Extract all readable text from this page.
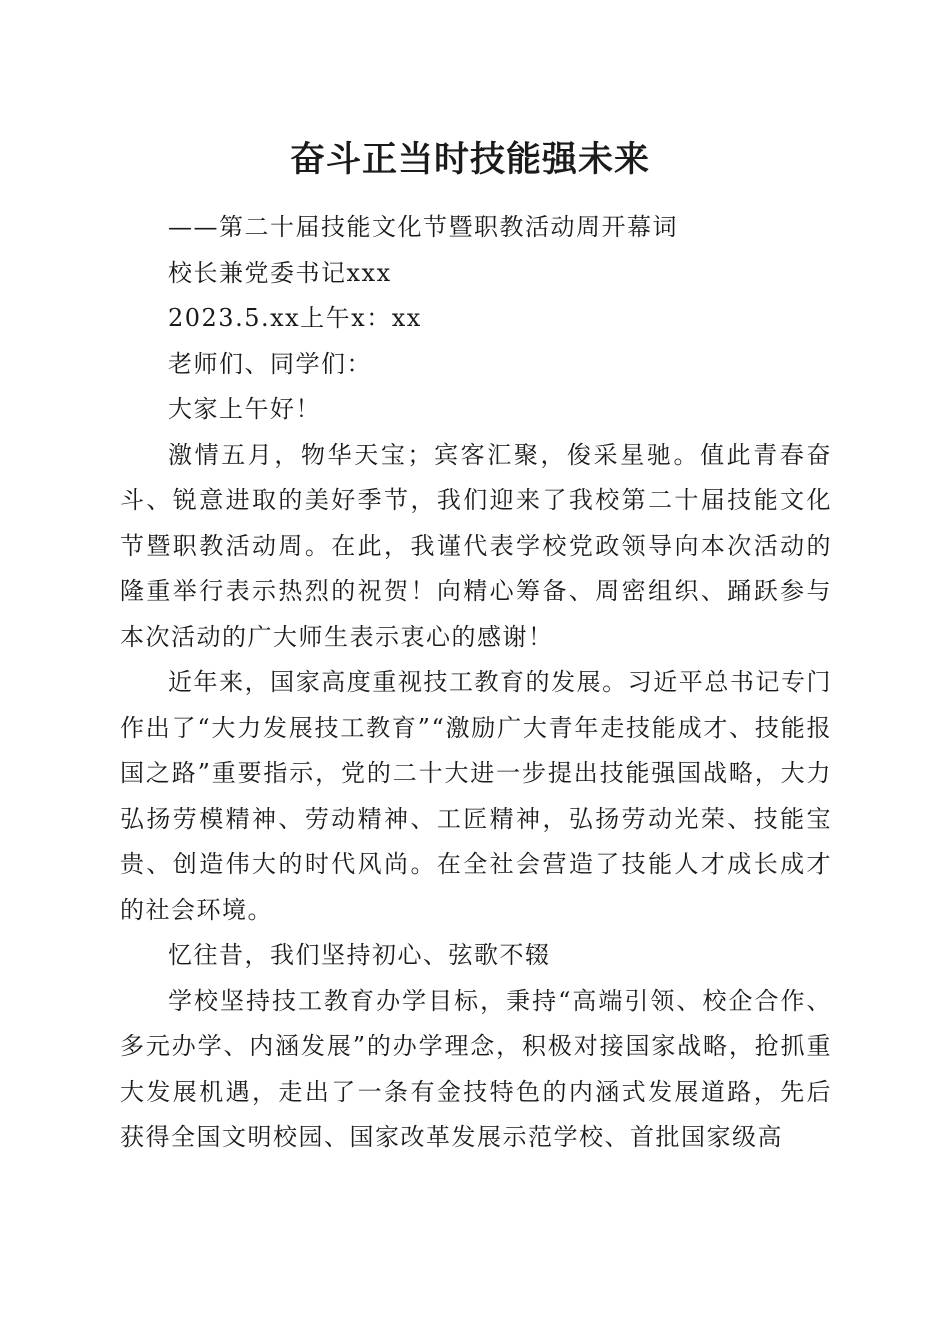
奋斗正当时技能强未来

——第二十届技能文化节暨职教活动周开幕词

校长兼党委书记xxx

2023.5.xx上午x：xx

老师们、同学们：

大家上午好！

激情五月，物华天宝；宾客汇聚，俊采星驰。值此青春奋斗、锐意进取的美好季节，我们迎来了我校第二十届技能文化节暨职教活动周。在此，我谨代表学校党政领导向本次活动的隆重举行表示热烈的祝贺！向精心筹备、周密组织、踊跃参与本次活动的广大师生表示衷心的感谢！

近年来，国家高度重视技工教育的发展。习近平总书记专门作出了“大力发展技工教育”“激励广大青年走技能成才、技能报国之路”重要指示，党的二十大进一步提出技能强国战略，大力弘扬劳模精神、劳动精神、工匠精神，弘扬劳动光荣、技能宝贵、创造伟大的时代风尚。在全社会营造了技能人才成长成才的社会环境。

忆往昔，我们坚持初心、弦歌不辍

学校坚持技工教育办学目标，秉持“高端引领、校企合作、多元办学、内涵发展”的办学理念，积极对接国家战略，抢抓重大发展机遇，走出了一条有金技特色的内涵式发展道路，先后获得全国文明校园、国家改革发展示范学校、首批国家级高
